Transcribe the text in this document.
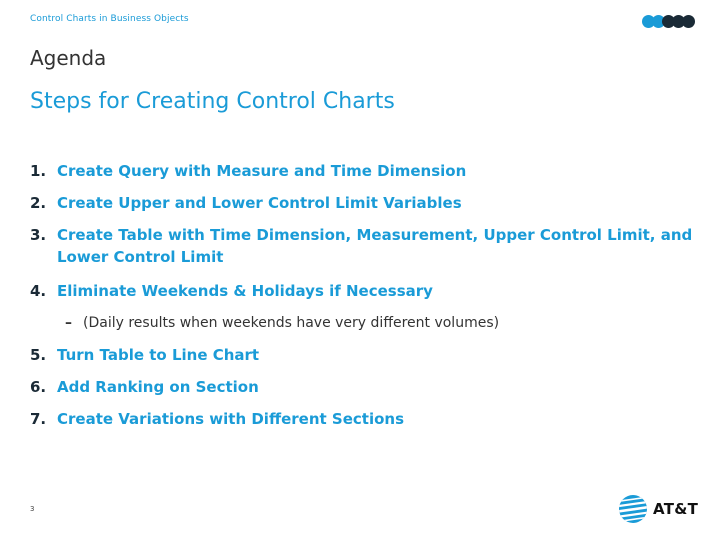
Control Charts in Business Objects
Agenda
Steps for Creating Control Charts
1. Create Query with Measure and Time Dimension
2. Create Upper and Lower Control Limit Variables
3. Create Table with Time Dimension, Measurement, Upper Control Limit, and Lower Control Limit
4. Eliminate Weekends & Holidays if Necessary
– (Daily results when weekends have very different volumes)
5. Turn Table to Line Chart
6. Add Ranking on Section
7. Create Variations with Different Sections
3	AT&T
